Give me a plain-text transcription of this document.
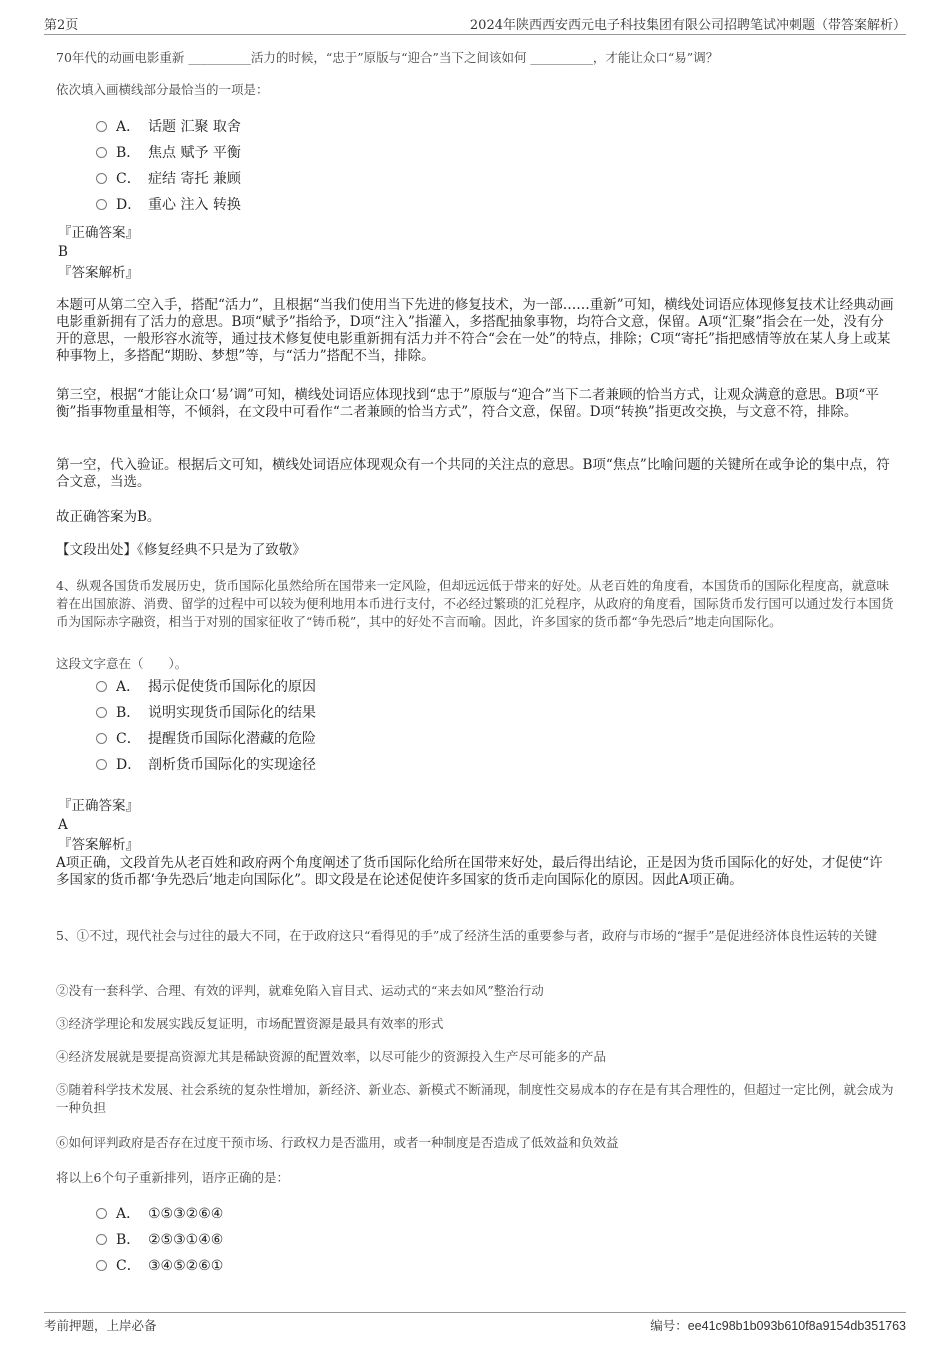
第2页	2024年陕西西安西元电子科技集团有限公司招聘笔试冲刺题（带答案解析）

70年代的动画电影重新 __________活力的时候，“忠于”原版与“迎合”当下之间该如何 __________，才能让众口“易”调？

依次填入画横线部分最恰当的一项是：

A． 话题 汇聚 取舍
B． 焦点 赋予 平衡
C． 症结 寄托 兼顾
D． 重心 注入 转换
『正确答案』
B
『答案解析』

本题可从第二空入手，搭配“活力”，且根据“当我们使用当下先进的修复技术，为一部……重新”可知，横线处词语应体现修复技术让经典动画电影重新拥有了活力的意思。B项“赋予”指给予，D项“注入”指灌入，多搭配抽象事物，均符合文意，保留。A项“汇聚”指会在一处，没有分开的意思，一般形容水流等，通过技术修复使电影重新拥有活力并不符合“会在一处”的特点，排除；C项“寄托”指把感情等放在某人身上或某种事物上，多搭配“期盼、梦想”等，与“活力”搭配不当，排除。

第三空，根据“才能让众口‘易’调”可知，横线处词语应体现找到“忠于”原版与“迎合”当下二者兼顾的恰当方式，让观众满意的意思。B项“平衡”指事物重量相等，不倾斜，在文段中可看作“二者兼顾的恰当方式”，符合文意，保留。D项“转换”指更改交换，与文意不符，排除。

第一空，代入验证。根据后文可知，横线处词语应体现观众有一个共同的关注点的意思。B项“焦点”比喻问题的关键所在或争论的集中点，符合文意，当选。

故正确答案为B。

【文段出处】《修复经典不只是为了致敬》

4、纵观各国货币发展历史，货币国际化虽然给所在国带来一定风险，但却远远低于带来的好处。从老百姓的角度看，本国货币的国际化程度高，就意味着在出国旅游、消费、留学的过程中可以较为便利地用本币进行支付，不必经过繁琐的汇兑程序，从政府的角度看，国际货币发行国可以通过发行本国货币为国际赤字融资，相当于对别的国家征收了“铸币税”，其中的好处不言而喻。因此，许多国家的货币都“争先恐后”地走向国际化。

这段文字意在（　　）。

A． 揭示促使货币国际化的原因
B． 说明实现货币国际化的结果
C． 提醒货币国际化潜藏的危险
D． 剖析货币国际化的实现途径
『正确答案』
A
『答案解析』

A项正确，文段首先从老百姓和政府两个角度阐述了货币国际化给所在国带来好处，最后得出结论，正是因为货币国际化的好处，才促使“许多国家的货币都‘争先恐后’地走向国际化”。即文段是在论述促使许多国家的货币走向国际化的原因。因此A项正确。

5、①不过，现代社会与过往的最大不同，在于政府这只“看得见的手”成了经济生活的重要参与者，政府与市场的“握手”是促进经济体良性运转的关键

②没有一套科学、合理、有效的评判，就难免陷入盲目式、运动式的“来去如风”整治行动

③经济学理论和发展实践反复证明，市场配置资源是最具有效率的形式

④经济发展就是要提高资源尤其是稀缺资源的配置效率，以尽可能少的资源投入生产尽可能多的产品

⑤随着科学技术发展、社会系统的复杂性增加，新经济、新业态、新模式不断涌现，制度性交易成本的存在是有其合理性的，但超过一定比例，就会成为一种负担

⑥如何评判政府是否存在过度干预市场、行政权力是否滥用，或者一种制度是否造成了低效益和负效益

将以上6个句子重新排列，语序正确的是：

A． ①⑤③②⑥④
B． ②⑤③①④⑥
C． ③④⑤②⑥①
考前押题，上岸必备	编号：ee41c98b1b093b610f8a9154db351763
